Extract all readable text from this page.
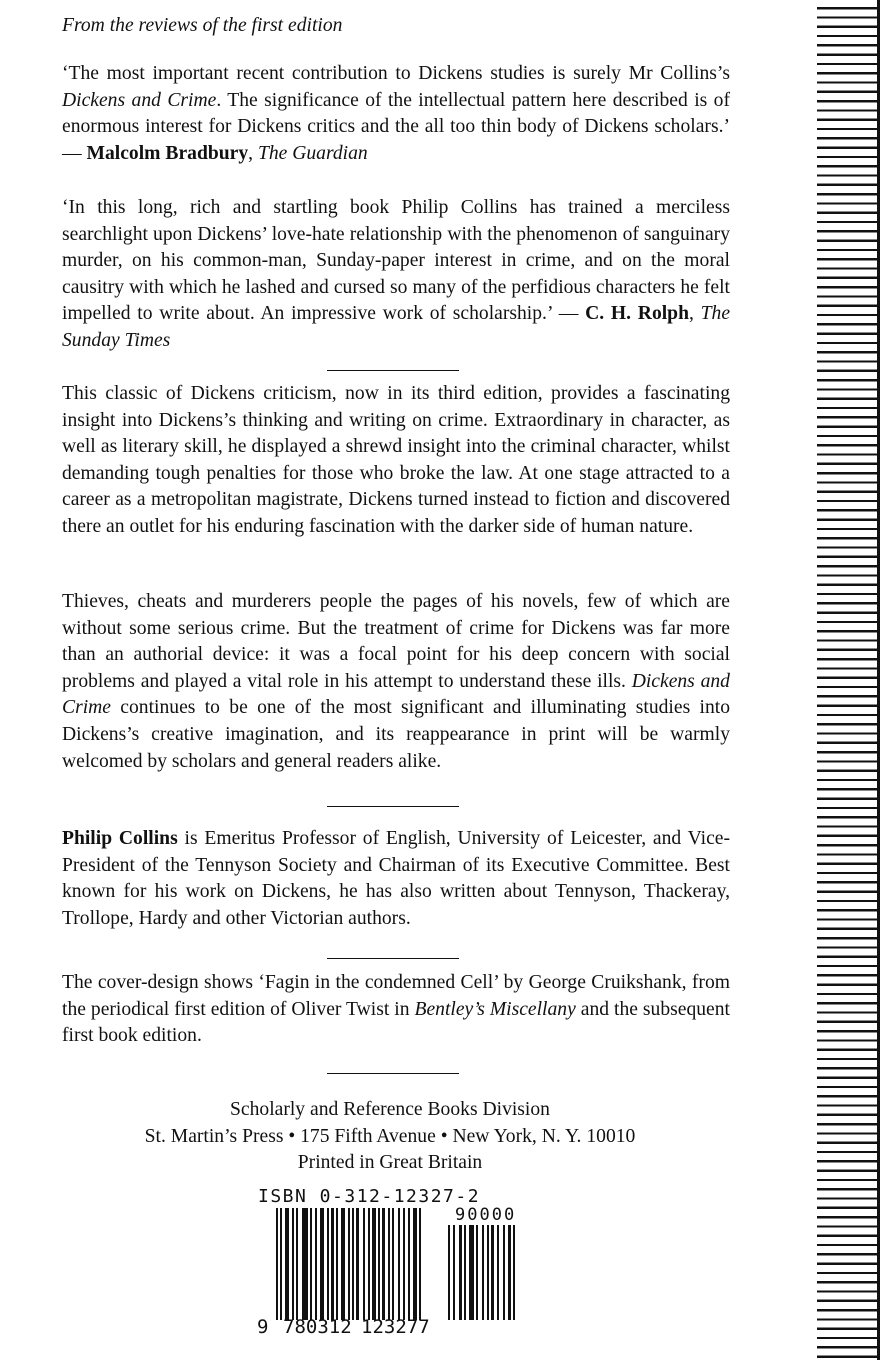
From the reviews of the first edition
‘The most important recent contribution to Dickens studies is surely Mr Collins’s Dickens and Crime. The significance of the intellectual pattern here described is of enormous interest for Dickens critics and the all too thin body of Dickens scholars.’ — Malcolm Bradbury, The Guardian
‘In this long, rich and startling book Philip Collins has trained a merciless searchlight upon Dickens’ love-hate relationship with the phenomenon of sanguinary murder, on his common-man, Sunday-paper interest in crime, and on the moral causitry with which he lashed and cursed so many of the perfidious characters he felt impelled to write about. An impressive work of scholarship.’ — C. H. Rolph, The Sunday Times
This classic of Dickens criticism, now in its third edition, provides a fascinating insight into Dickens’s thinking and writing on crime. Extraordinary in character, as well as literary skill, he displayed a shrewd insight into the criminal character, whilst demanding tough penalties for those who broke the law. At one stage attracted to a career as a metropolitan magistrate, Dickens turned instead to fiction and discovered there an outlet for his enduring fascination with the darker side of human nature.
Thieves, cheats and murderers people the pages of his novels, few of which are without some serious crime. But the treatment of crime for Dickens was far more than an authorial device: it was a focal point for his deep concern with social problems and played a vital role in his attempt to understand these ills. Dickens and Crime continues to be one of the most significant and illuminating studies into Dickens’s creative imagination, and its reappearance in print will be warmly welcomed by scholars and general readers alike.
Philip Collins is Emeritus Professor of English, University of Leicester, and Vice-President of the Tennyson Society and Chairman of its Executive Committee. Best known for his work on Dickens, he has also written about Tennyson, Thackeray, Trollope, Hardy and other Victorian authors.
The cover-design shows ‘Fagin in the condemned Cell’ by George Cruikshank, from the periodical first edition of Oliver Twist in Bentley’s Miscellany and the subsequent first book edition.
Scholarly and Reference Books Division
St. Martin’s Press • 175 Fifth Avenue • New York, N. Y. 10010
Printed in Great Britain
ISBN 0-312-12327-2
90000
9 780312 123277
